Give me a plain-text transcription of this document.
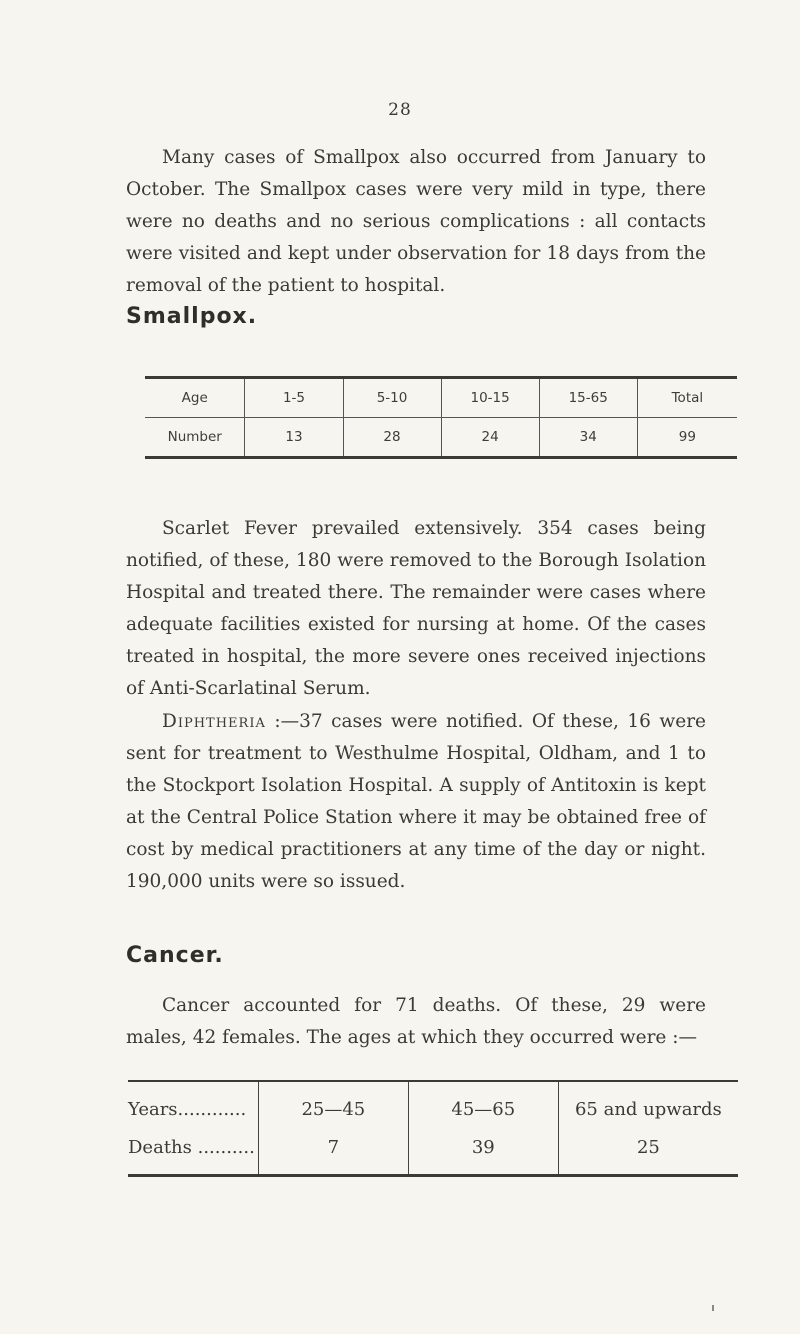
28

Many cases of Smallpox also occurred from January to October. The Smallpox cases were very mild in type, there were no deaths and no serious complications : all contacts were visited and kept under observation for 18 days from the removal of the patient to hospital.

Smallpox.
Age	1-5	5-10	10-15	15-65	Total
Number	13	28	24	34	99

Scarlet Fever prevailed extensively. 354 cases being notified, of these, 180 were removed to the Borough Isolation Hospital and treated there. The remainder were cases where adequate facilities existed for nursing at home. Of the cases treated in hospital, the more severe ones received injections of Anti-Scarlatinal Serum.

Diphtheria :—37 cases were notified. Of these, 16 were sent for treatment to Westhulme Hospital, Oldham, and 1 to the Stockport Isolation Hospital. A supply of Antitoxin is kept at the Central Police Station where it may be obtained free of cost by medical practitioners at any time of the day or night. 190,000 units were so issued.

Cancer.

Cancer accounted for 71 deaths. Of these, 29 were males, 42 females. The ages at which they occurred were :—

Years............	25—45	45—65	65 and upwards
Deaths ..........	7	39	25
